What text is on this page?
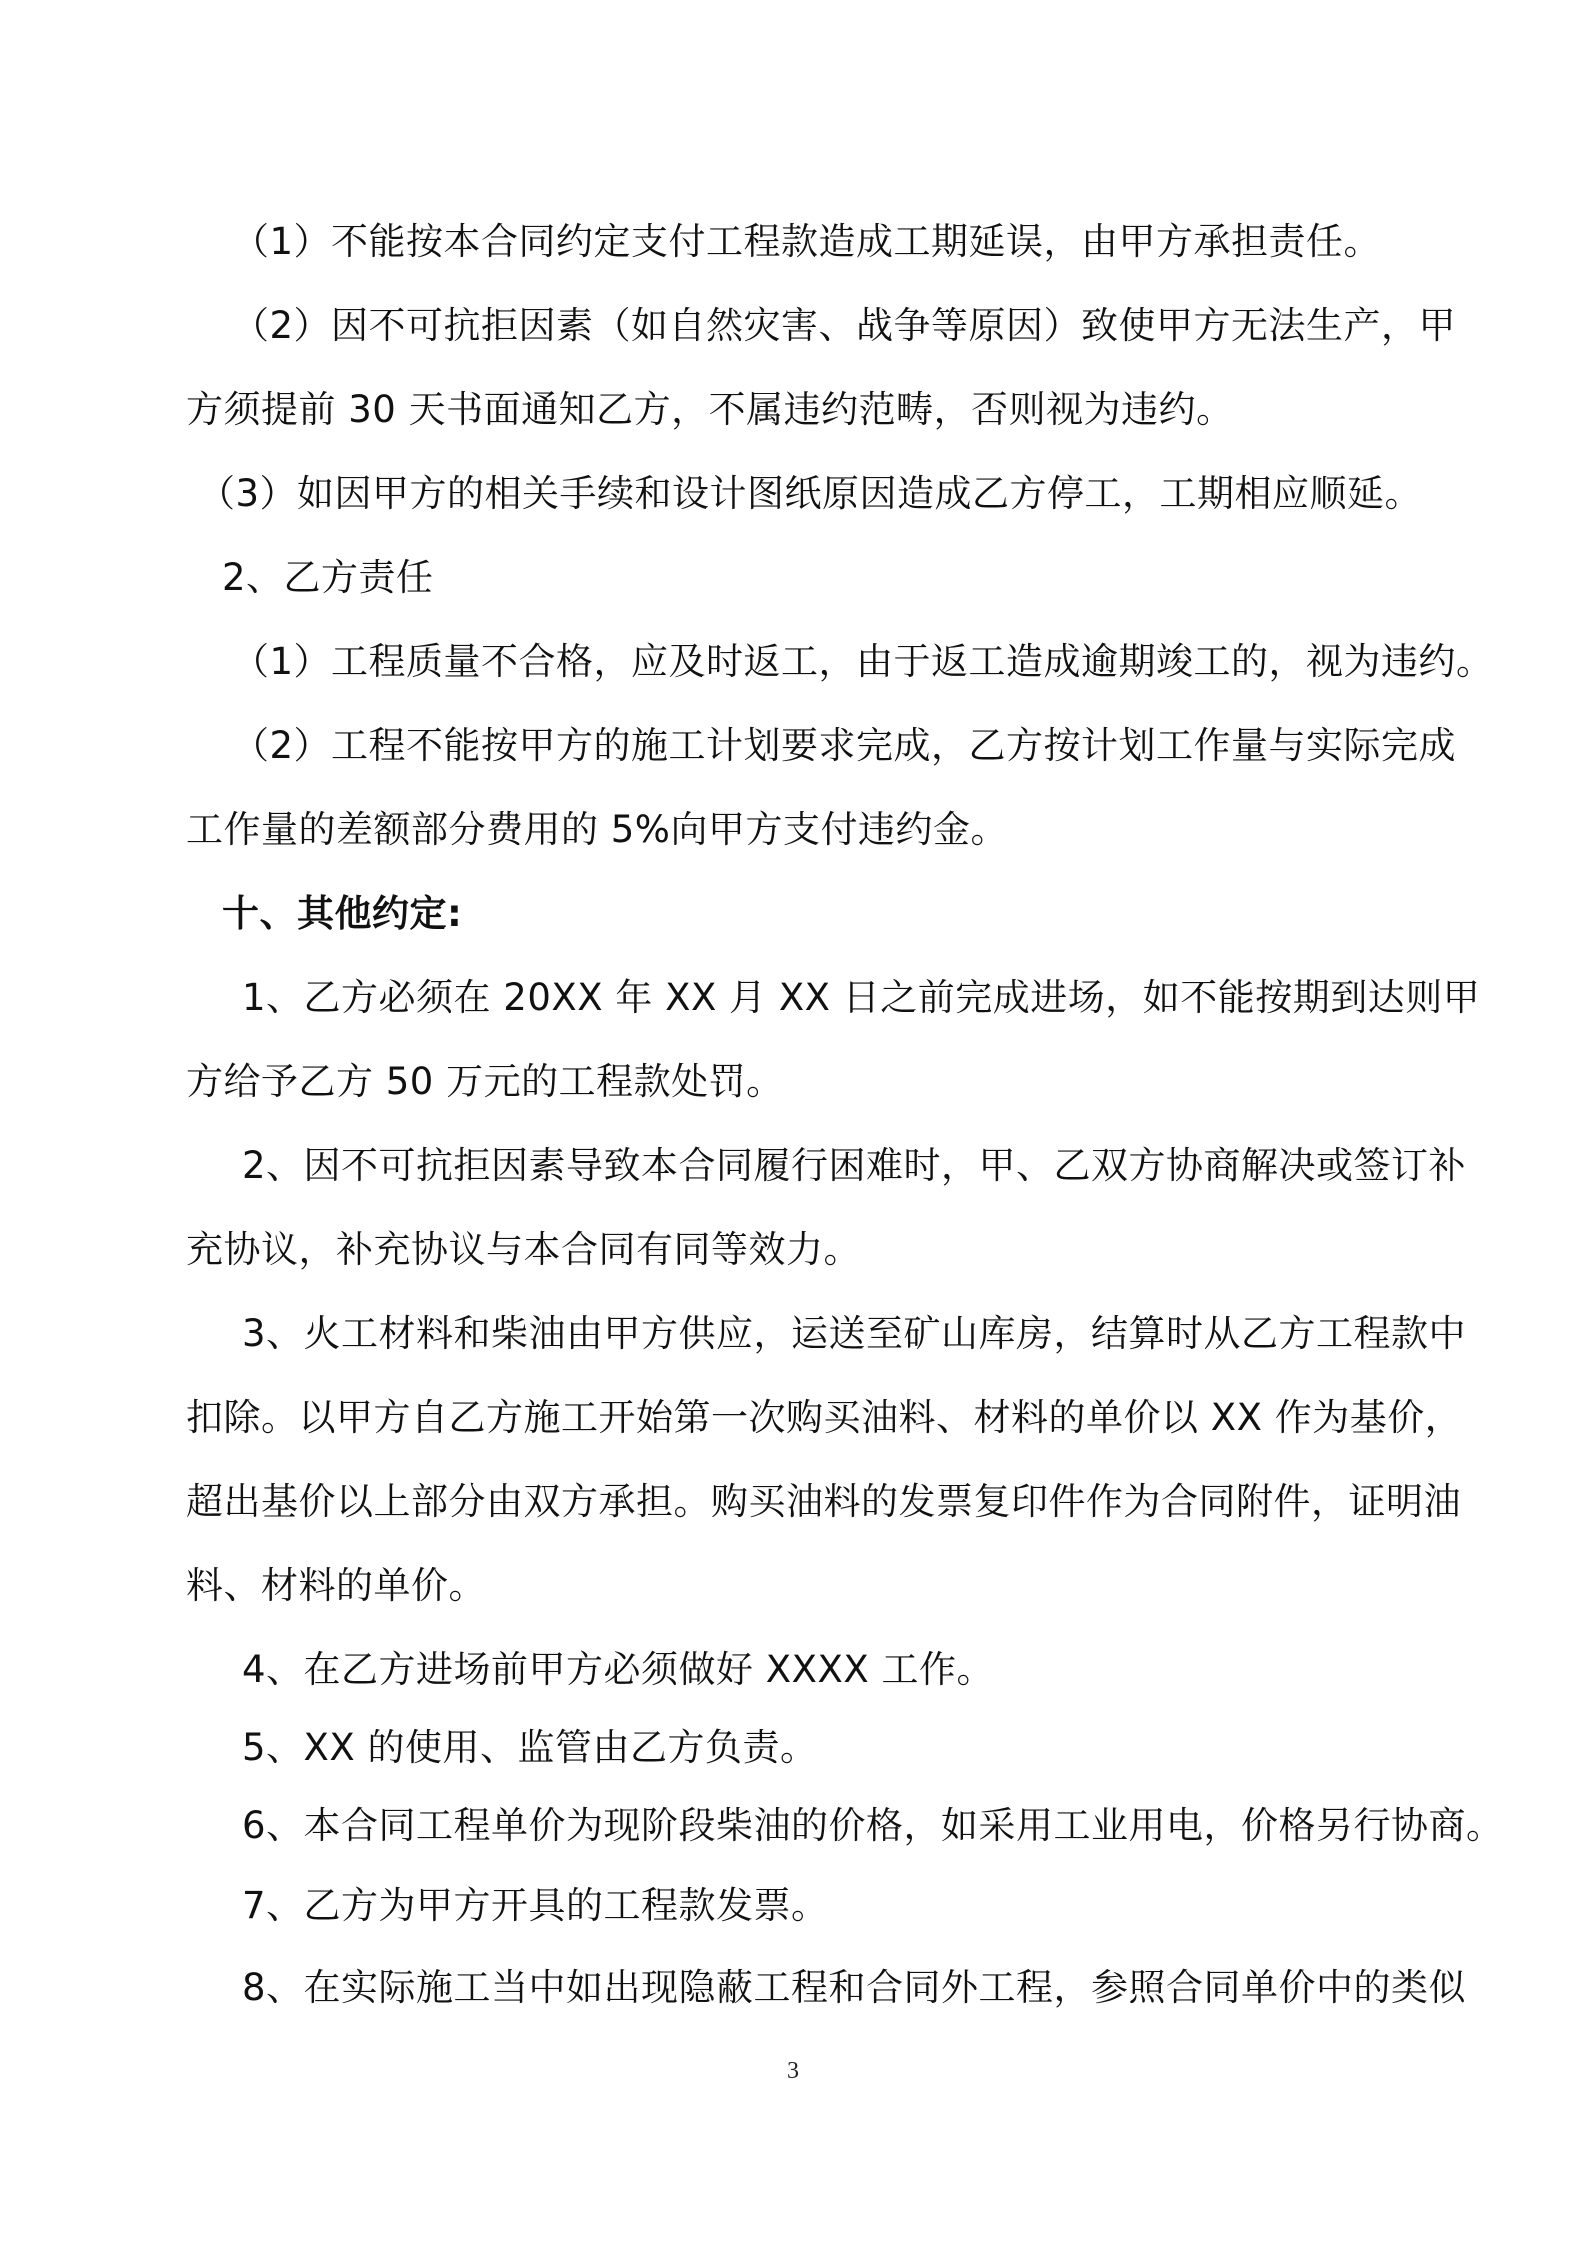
（1）不能按本合同约定支付工程款造成工期延误，由甲方承担责任。
（2）因不可抗拒因素（如自然灾害、战争等原因）致使甲方无法生产，甲
方须提前 30 天书面通知乙方，不属违约范畴，否则视为违约。
（3）如因甲方的相关手续和设计图纸原因造成乙方停工，工期相应顺延。
2、乙方责任
（1）工程质量不合格，应及时返工，由于返工造成逾期竣工的，视为违约。
（2）工程不能按甲方的施工计划要求完成，乙方按计划工作量与实际完成
工作量的差额部分费用的 5%向甲方支付违约金。
十、其他约定:
1、乙方必须在 20XX 年 XX 月 XX 日之前完成进场，如不能按期到达则甲
方给予乙方 50 万元的工程款处罚。
2、因不可抗拒因素导致本合同履行困难时，甲、乙双方协商解决或签订补
充协议，补充协议与本合同有同等效力。
3、火工材料和柴油由甲方供应，运送至矿山库房，结算时从乙方工程款中
扣除。以甲方自乙方施工开始第一次购买油料、材料的单价以 XX 作为基价，
超出基价以上部分由双方承担。购买油料的发票复印件作为合同附件，证明油
料、材料的单价。
4、在乙方进场前甲方必须做好 XXXX 工作。
5、XX 的使用、监管由乙方负责。
6、本合同工程单价为现阶段柴油的价格，如采用工业用电，价格另行协商。
7、乙方为甲方开具的工程款发票。
8、在实际施工当中如出现隐蔽工程和合同外工程，参照合同单价中的类似
3
